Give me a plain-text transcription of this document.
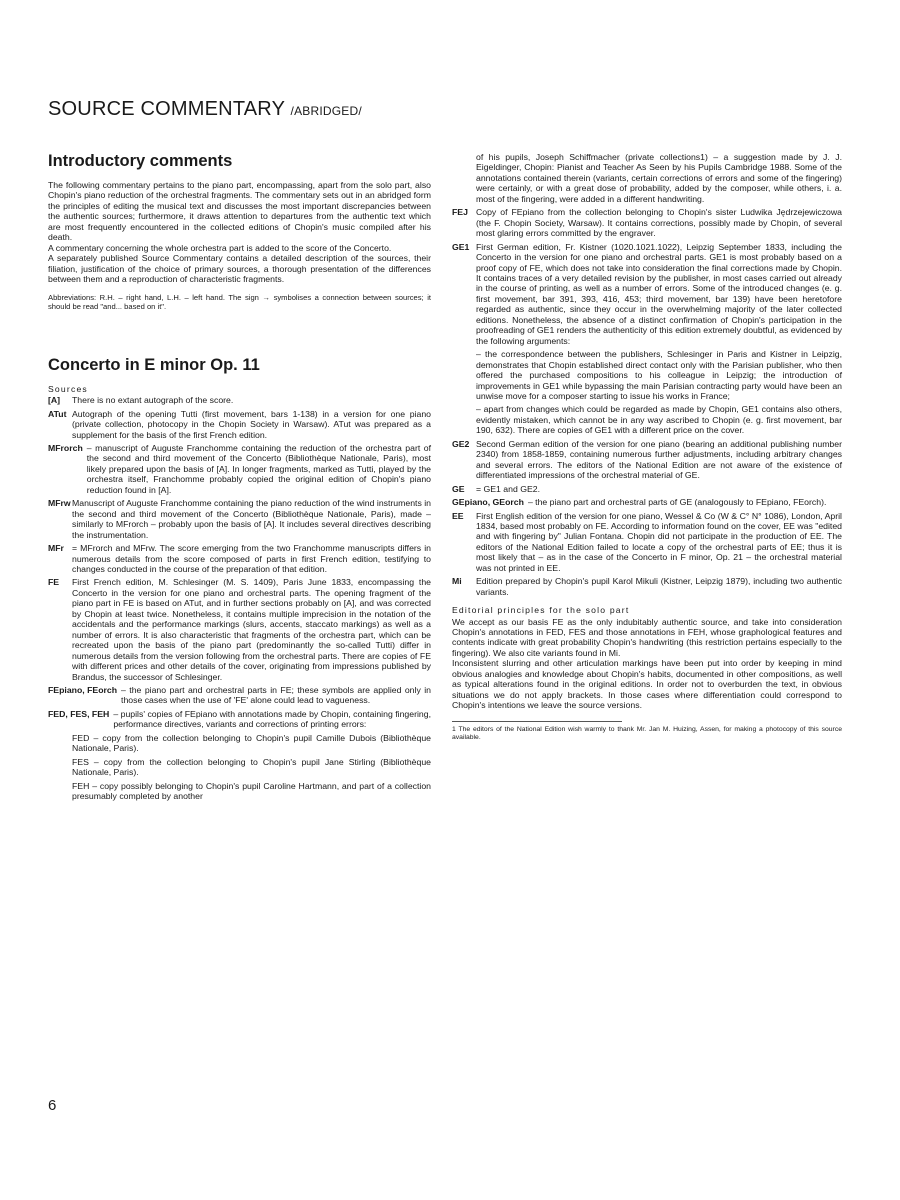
SOURCE COMMENTARY /ABRIDGED/
Introductory comments

The following commentary pertains to the piano part, encompassing, apart from the solo part, also Chopin's piano reduction of the orchestral fragments. The commentary sets out in an abridged form the principles of editing the musical text and discusses the most important discrepancies between the authentic sources; furthermore, it draws attention to departures from the authentic text which are most frequently encountered in the collected editions of Chopin's music compiled after his death.

A commentary concerning the whole orchestra part is added to the score of the Concerto.

A separately published Source Commentary contains a detailed description of the sources, their filiation, justification of the choice of primary sources, a thorough presentation of the differences between them and a reproduction of characteristic fragments.

Abbreviations: R.H. – right hand, L.H. – left hand. The sign → symbolises a connection between sources; it should be read "and... based on it".

Concerto in E minor Op. 11
Sources
[A]	There is no extant autograph of the score.
ATut Autograph of the opening Tutti (first movement, bars 1-138) in a version for one piano (private collection, photocopy in the Chopin Society in Warsaw). ATut was prepared as a supplement for the basis of the first French edition.
MFrorch – manuscript of Auguste Franchomme containing the reduction of the orchestra part of the second and third movement of the Concerto (Bibliothèque Nationale, Paris), most likely prepared upon the basis of [A]. In longer fragments, marked as Tutti, played by the orchestra itself, Franchomme probably copied the original edition of Chopin's piano reduction found in [A].
MFrw Manuscript of Auguste Franchomme containing the piano reduction of the wind instruments in the second and third movement of the Concerto (Bibliothèque Nationale, Paris), made – similarly to MFrorch – probably upon the basis of [A]. It includes several directives describing the instrumentation.
MFr = MFrorch and MFrw. The score emerging from the two Franchomme manuscripts differs in numerous details from the score composed of parts in first French edition, testifying to changes conducted in the course of the preparation of that edition.
FE	First French edition, M. Schlesinger (M. S. 1409), Paris June 1833, encompassing the Concerto in the version for one piano and orchestral parts. The opening fragment of the piano part in FE is based on ATut, and in further sections probably on [A], and was corrected by Chopin at least twice. Nonetheless, it contains multiple imprecision in the notation of the accidentals and the performance markings (slurs, accents, staccato markings) as well as a number of errors. It is also characteristic that fragments of the orchestra part, which can be recreated upon the basis of the piano part (predominantly the so-called Tutti) differ in numerous details from the version following from the orchestral parts. There are copies of FE with different prices and other details of the cover, originating from impressions published by Brandus, the successor of Schlesinger.
FEpiano, FEorch – the piano part and orchestral parts in FE; these symbols are applied only in those cases when the use of 'FE' alone could lead to vagueness.
FED, FES, FEH – pupils' copies of FEpiano with annotations made by Chopin, containing fingering, performance directives, variants and corrections of printing errors:

FED – copy from the collection belonging to Chopin's pupil Camille Dubois (Bibliothèque Nationale, Paris).

FES – copy from the collection belonging to Chopin's pupil Jane Stirling (Bibliothèque Nationale, Paris).

FEH – copy possibly belonging to Chopin's pupil Caroline Hartmann, and part of a collection presumably completed by another

of his pupils, Joseph Schiffmacher (private collections1) – a suggestion made by J. J. Eigeldinger, Chopin: Pianist and Teacher As Seen by his Pupils Cambridge 1988. Some of the annotations contained therein (variants, certain corrections of errors and some of the fingering) were certainly, or with a great dose of probability, added by the composer, while others, i. a. most of the fingering, were added in a different handwriting.

FEJ Copy of FEpiano from the collection belonging to Chopin's sister Ludwika Jędrzejewiczowa (the F. Chopin Society, Warsaw). It contains corrections, possibly made by Chopin, of several most glaring errors committed by the engraver.
GE1 First German edition, Fr. Kistner (1020.1021.1022), Leipzig September 1833, including the Concerto in the version for one piano and orchestral parts. GE1 is most probably based on a proof copy of FE, which does not take into consideration the final corrections made by Chopin. It contains traces of a very detailed revision by the publisher, in most cases carried out already in the course of printing, as well as a number of errors. Some of the introduced changes (e. g. first movement, bar 391, 393, 416, 453; third movement, bar 139) have been heretofore regarded as authentic, since they occur in the overwhelming majority of the later collected editions. Nonetheless, the absence of a distinct confirmation of Chopin's participation in the proofreading of GE1 renders the authenticity of this edition extremely doubtful, as evidenced by the following arguments:
– the correspondence between the publishers, Schlesinger in Paris and Kistner in Leipzig, demonstrates that Chopin established direct contact only with the Parisian publisher, who then offered the purchased compositions to his colleague in Leipzig; the introduction of improvements in GE1 while bypassing the main Parisian contracting party would have been an unwise move for a composer starting to issue his works in France;
– apart from changes which could be regarded as made by Chopin, GE1 contains also others, evidently mistaken, which cannot be in any way ascribed to Chopin (e. g. first movement, bar 190, 632). There are copies of GE1 with a different price on the cover.
GE2 Second German edition of the version for one piano (bearing an additional publishing number 2340) from 1858-1859, containing numerous further adjustments, including arbitrary changes and several errors. The editors of the National Edition are not aware of the existence of differentiated impressions of the orchestral material of GE.
GE	= GE1 and GE2.
GEpiano, GEorch – the piano part and orchestral parts of GE (analogously to FEpiano, FEorch).
EE	First English edition of the version for one piano, Wessel & Co (W & C° N° 1086), London, April 1834, based most probably on FE. According to information found on the cover, EE was "edited and with fingering by" Julian Fontana. Chopin did not participate in the production of EE. The editors of the National Edition failed to locate a copy of the orchestral parts of EE; thus it is most likely that – as in the case of the Concerto in F minor, Op. 21 – the orchestral material was not printed in EE.
Mi	Edition prepared by Chopin's pupil Karol Mikuli (Kistner, Leipzig 1879), including two authentic variants.
Editorial principles for the solo part

We accept as our basis FE as the only indubitably authentic source, and take into consideration Chopin's annotations in FED, FES and those annotations in FEH, whose graphological features and contents indicate with great probability Chopin's handwriting (this restriction pertains especially to the fingering). We also cite variants found in Mi.

Inconsistent slurring and other articulation markings have been put into order by keeping in mind obvious analogies and knowledge about Chopin's habits, documented in other compositions, as well as typical alterations found in the original editions. In order not to overburden the text, in obvious situations we do not apply brackets. In those cases where differentiation could correspond to Chopin's intentions we leave the source versions.

1 The editors of the National Edition wish warmly to thank Mr. Jan M. Huizing, Assen, for making a photocopy of this source available.

6
